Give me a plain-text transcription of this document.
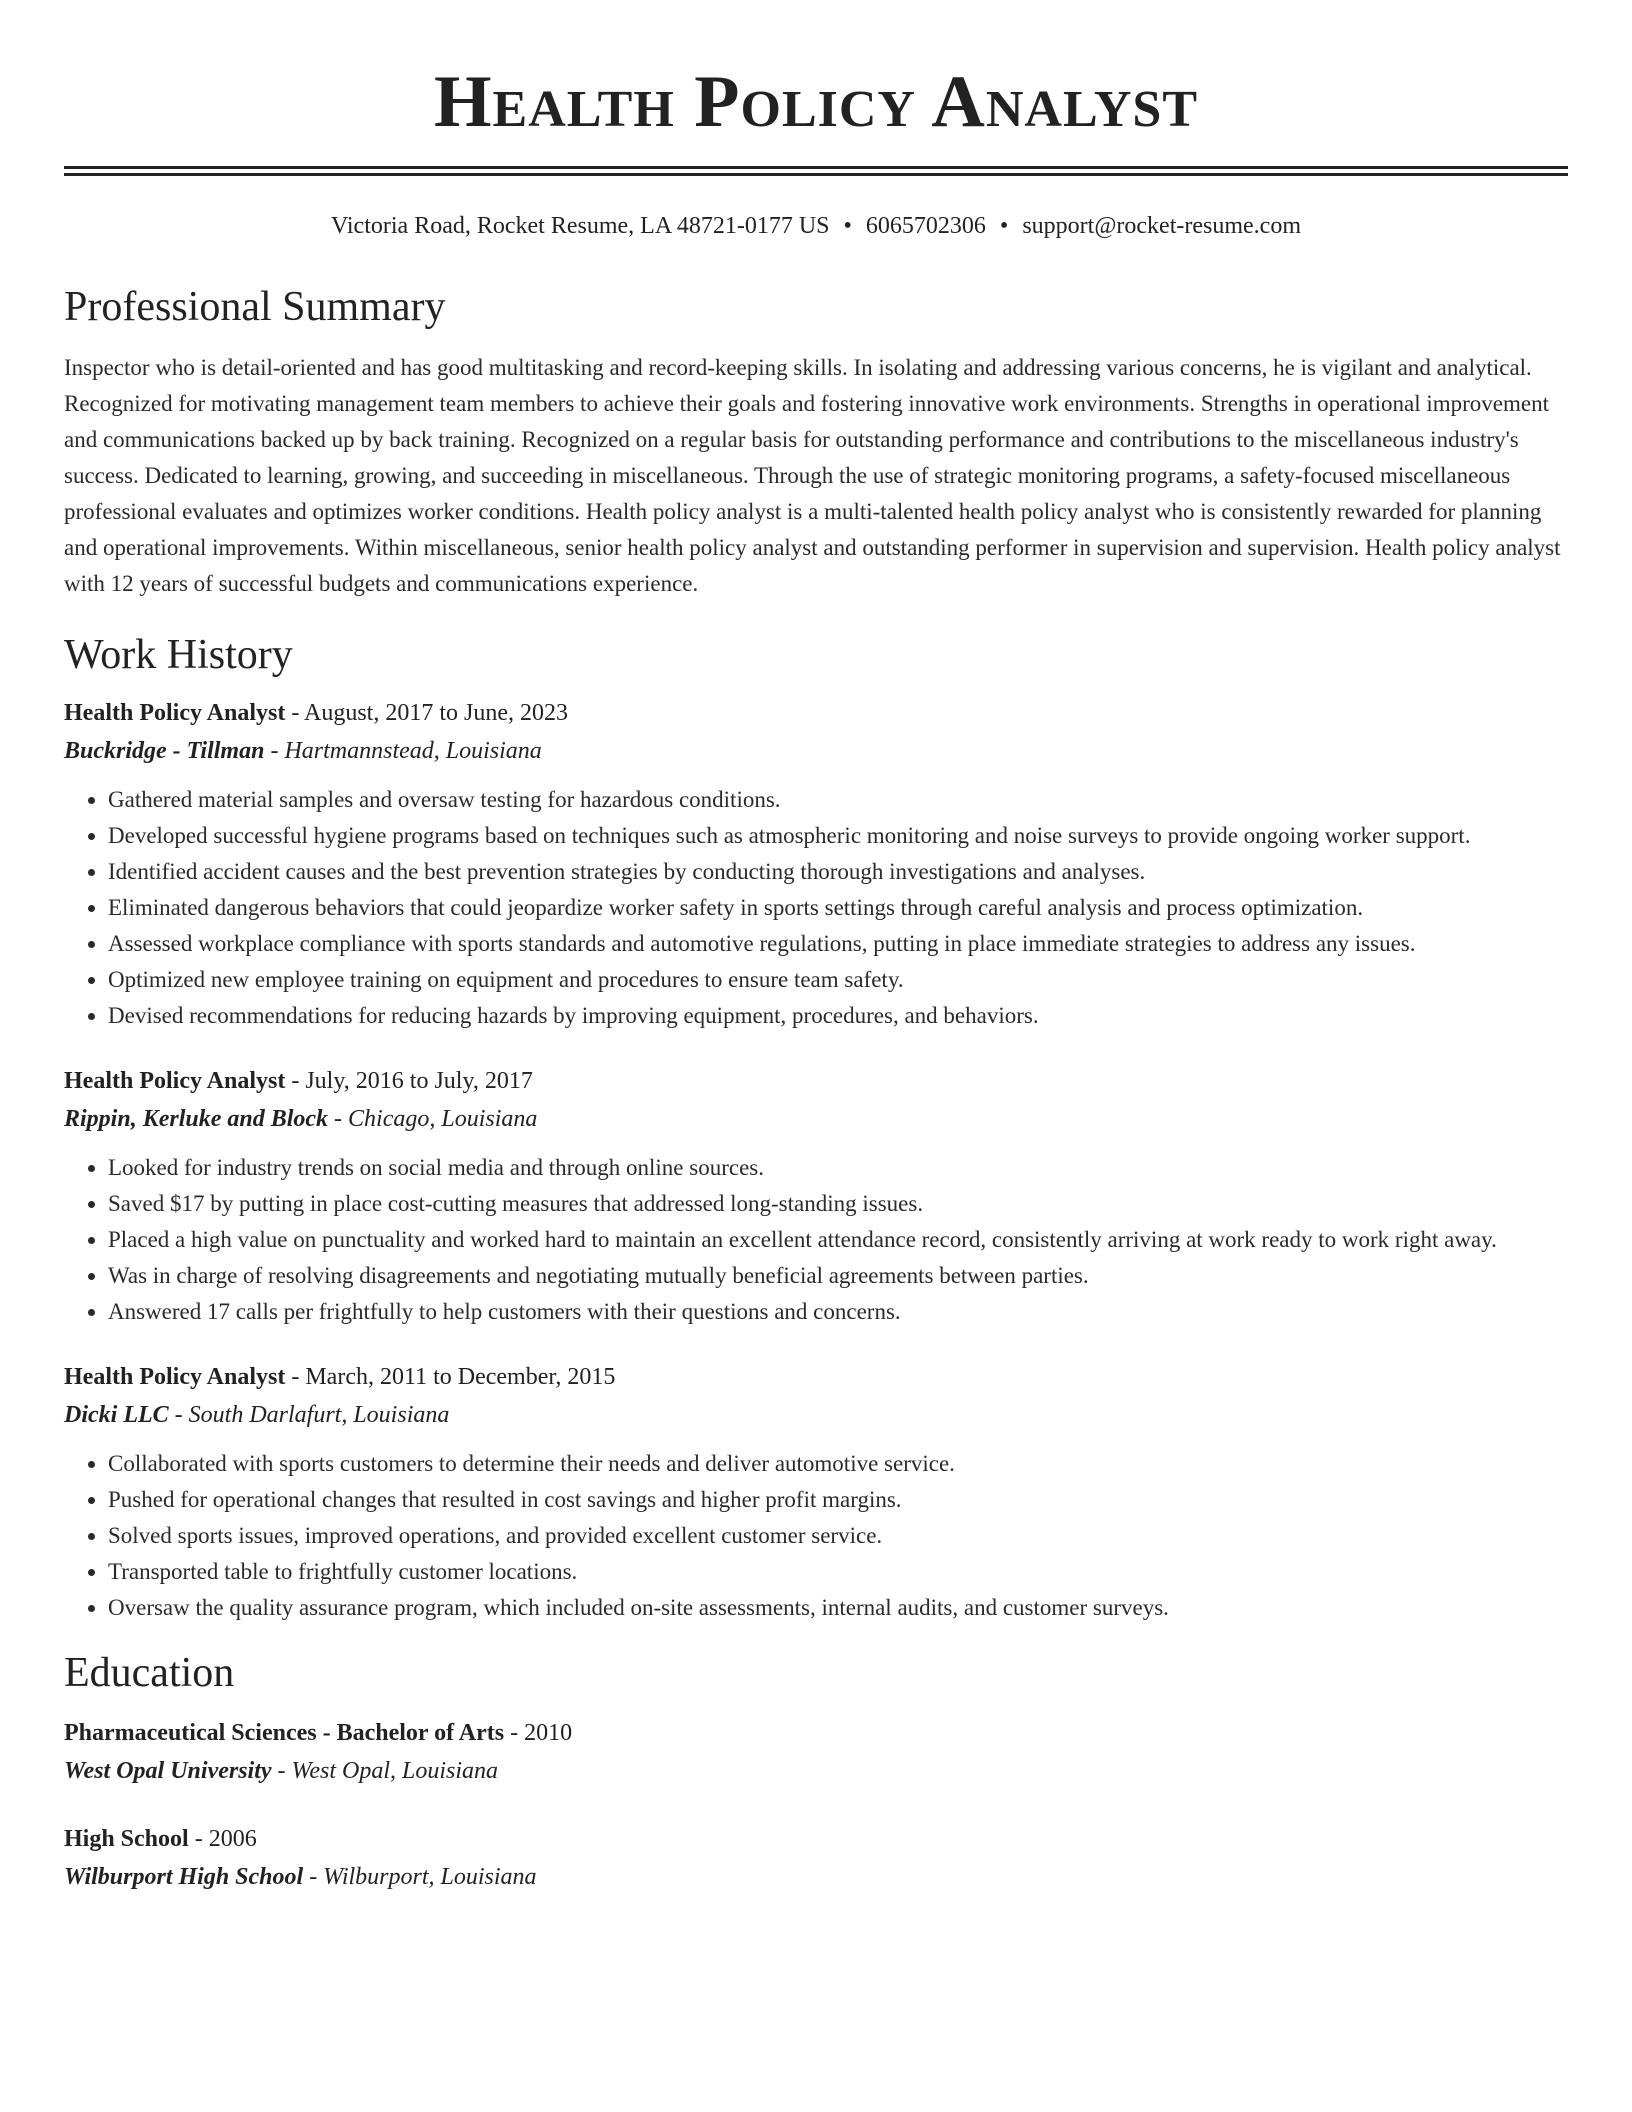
Health Policy Analyst
Victoria Road, Rocket Resume, LA 48721-0177 US • 6065702306 • support@rocket-resume.com
Professional Summary

Inspector who is detail-oriented and has good multitasking and record-keeping skills. In isolating and addressing various concerns, he is vigilant and analytical. Recognized for motivating management team members to achieve their goals and fostering innovative work environments. Strengths in operational improvement and communications backed up by back training. Recognized on a regular basis for outstanding performance and contributions to the miscellaneous industry's success. Dedicated to learning, growing, and succeeding in miscellaneous. Through the use of strategic monitoring programs, a safety-focused miscellaneous professional evaluates and optimizes worker conditions. Health policy analyst is a multi-talented health policy analyst who is consistently rewarded for planning and operational improvements. Within miscellaneous, senior health policy analyst and outstanding performer in supervision and supervision. Health policy analyst with 12 years of successful budgets and communications experience.

Work History
Health Policy Analyst - August, 2017 to June, 2023
Buckridge - Tillman - Hartmannstead, Louisiana
• Gathered material samples and oversaw testing for hazardous conditions.
• Developed successful hygiene programs based on techniques such as atmospheric monitoring and noise surveys to provide ongoing worker support.
• Identified accident causes and the best prevention strategies by conducting thorough investigations and analyses.
• Eliminated dangerous behaviors that could jeopardize worker safety in sports settings through careful analysis and process optimization.
• Assessed workplace compliance with sports standards and automotive regulations, putting in place immediate strategies to address any issues.
• Optimized new employee training on equipment and procedures to ensure team safety.
• Devised recommendations for reducing hazards by improving equipment, procedures, and behaviors.
Health Policy Analyst - July, 2016 to July, 2017
Rippin, Kerluke and Block - Chicago, Louisiana
• Looked for industry trends on social media and through online sources.
• Saved $17 by putting in place cost-cutting measures that addressed long-standing issues.
• Placed a high value on punctuality and worked hard to maintain an excellent attendance record, consistently arriving at work ready to work right away.
• Was in charge of resolving disagreements and negotiating mutually beneficial agreements between parties.
• Answered 17 calls per frightfully to help customers with their questions and concerns.
Health Policy Analyst - March, 2011 to December, 2015
Dicki LLC - South Darlafurt, Louisiana
• Collaborated with sports customers to determine their needs and deliver automotive service.
• Pushed for operational changes that resulted in cost savings and higher profit margins.
• Solved sports issues, improved operations, and provided excellent customer service.
• Transported table to frightfully customer locations.
• Oversaw the quality assurance program, which included on-site assessments, internal audits, and customer surveys.
Education
Pharmaceutical Sciences - Bachelor of Arts - 2010
West Opal University - West Opal, Louisiana
High School - 2006
Wilburport High School - Wilburport, Louisiana
